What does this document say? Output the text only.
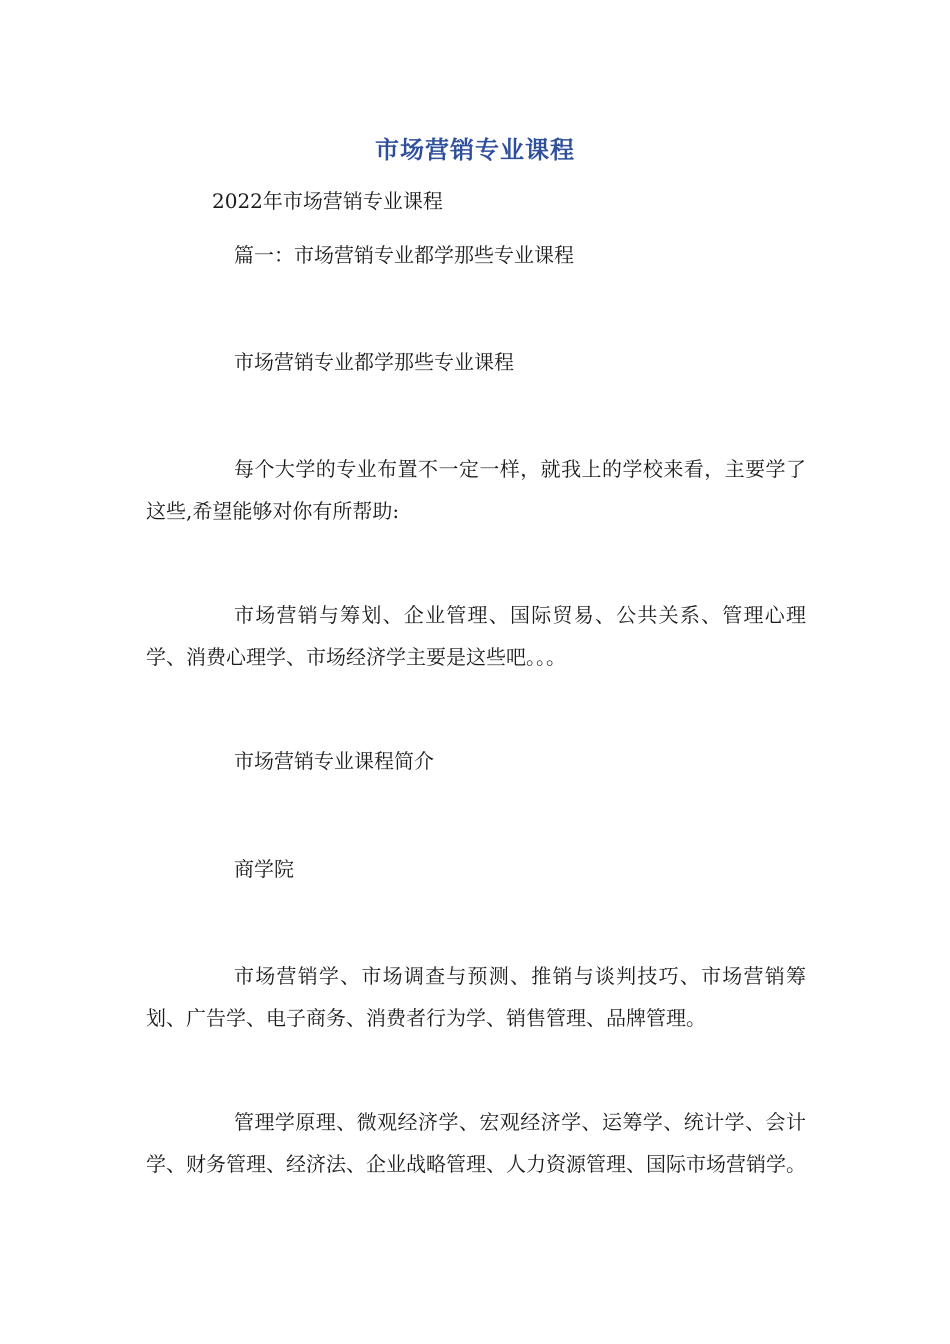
市场营销专业课程
2022年市场营销专业课程
篇一：市场营销专业都学那些专业课程
市场营销专业都学那些专业课程
每个大学的专业布置不一定一样，就我上的学校来看，主要学了这些,希望能够对你有所帮助:
市场营销与筹划、企业管理、国际贸易、公共关系、管理心理学、消费心理学、市场经济学主要是这些吧。。。
市场营销专业课程简介
商学院
市场营销学、市场调查与预测、推销与谈判技巧、市场营销筹划、广告学、电子商务、消费者行为学、销售管理、品牌管理。
管理学原理、微观经济学、宏观经济学、运筹学、统计学、会计学、财务管理、经济法、企业战略管理、人力资源管理、国际市场营销学。
